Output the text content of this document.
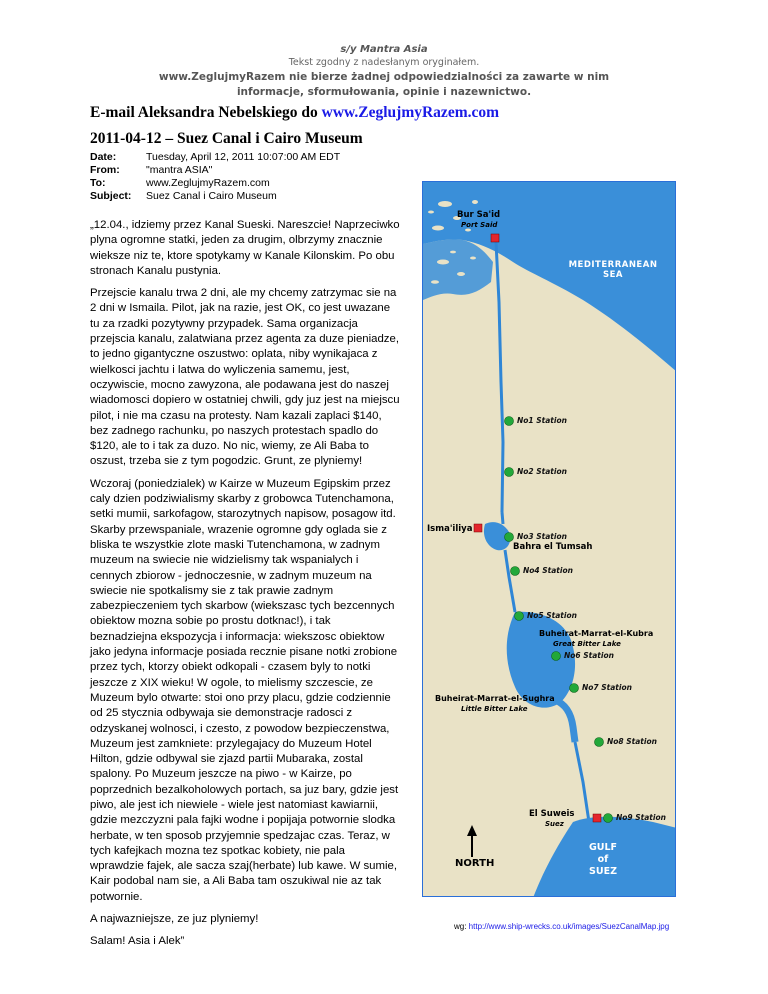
s/y Mantra Asia
Tekst zgodny z nadesłanym oryginałem.
www.ZeglujmyRazem nie bierze żadnej odpowiedzialności za zawarte w nim
informacje, sformułowania, opinie i nazewnictwo.
E-mail Aleksandra Nebelskiego do www.ZeglujmyRazem.com
2011-04-12 – Suez Canal i Cairo Museum
Date:	Tuesday, April 12, 2011 10:07:00 AM EDT
From:	"mantra ASIA"
To:	www.ZeglujmyRazem.com
Subject:	Suez Canal i Cairo Museum

„12.04., idziemy przez Kanal Sueski. Nareszcie! Naprzeciwko plyna ogromne statki, jeden za drugim, olbrzymy znacznie wieksze niz te, ktore spotykamy w Kanale Kilonskim. Po obu stronach Kanalu pustynia.

Przejscie kanalu trwa 2 dni, ale my chcemy zatrzymac sie na 2 dni w Ismaila. Pilot, jak na razie, jest OK, co jest uwazane tu za rzadki pozytywny przypadek. Sama organizacja przejscia kanalu, zalatwiana przez agenta za duze pieniadze, to jedno gigantyczne oszustwo: oplata, niby wynikajaca z wielkosci jachtu i latwa do wyliczenia samemu, jest, oczywiscie, mocno zawyzona, ale podawana jest do naszej wiadomosci dopiero w ostatniej chwili, gdy juz jest na miejscu pilot, i nie ma czasu na protesty. Nam kazali zaplaci $140, bez zadnego rachunku, po naszych protestach spadlo do $120, ale to i tak za duzo. No nic, wiemy, ze Ali Baba to oszust, trzeba sie z tym pogodzic. Grunt, ze plyniemy!

Wczoraj (poniedzialek) w Kairze w Muzeum Egipskim przez caly dzien podziwialismy skarby z grobowca Tutenchamona, setki mumii, sarkofagow, starozytnych napisow, posagow itd. Skarby przewspaniale, wrazenie ogromne gdy oglada sie z bliska te wszystkie zlote maski Tutenchamona, w zadnym muzeum na swiecie nie widzielismy tak wspanialych i cennych zbiorow - jednoczesnie, w zadnym muzeum na swiecie nie spotkalismy sie z tak prawie zadnym zabezpieczeniem tych skarbow (wiekszasc tych bezcennych obiektow mozna sobie po prostu dotknac!), i tak beznadziejna ekspozycja i informacja: wiekszosc obiektow jako jedyna informacje posiada recznie pisane notki zrobione przez tych, ktorzy obiekt odkopali - czasem byly to notki jeszcze z XIX wieku! W ogole, to mielismy szczescie, ze Muzeum bylo otwarte: stoi ono przy placu, gdzie codziennie od 25 stycznia odbywaja sie demonstracje radosci z odzyskanej wolnosci, i czesto, z powodow bezpieczenstwa, Muzeum jest zamkniete: przylegajacy do Muzeum Hotel Hilton, gdzie odbywal sie zjazd partii Mubaraka, zostal spalony. Po Muzeum jeszcze na piwo - w Kairze, po poprzednich bezalkoholowych portach, sa juz bary, gdzie jest piwo, ale jest ich niewiele - wiele jest natomiast kawiarnii, gdzie mezczyzni pala fajki wodne i popijaja potwornie slodka herbate, w ten sposob przyjemnie spedzajac czas. Teraz, w tych kafejkach mozna tez spotkac kobiety, nie pala wprawdzie fajek, ale sacza szaj(herbate) lub kawe. W sumie, Kair podobal nam sie, a Ali Baba tam oszukiwal nie az tak potwornie.

A najwazniejsze, ze juz plyniemy!

Salam! Asia i Alek”

Bur Sa'id
Port Said
MEDITERRANEAN
SEA
Isma'iliya
Bahra el Tumsah
Buheirat-Marrat-el-Kubra
Great Bitter Lake
Buheirat-Marrat-el-Sughra
Little Bitter Lake
El Suweis
Suez
GULF
of
SUEZ
NORTH
No1 Station
No2 Station
No3 Station
No4 Station
No5 Station
No6 Station
No7 Station
No8 Station
No9 Station
wg: http://www.ship-wrecks.co.uk/images/SuezCanalMap.jpg
